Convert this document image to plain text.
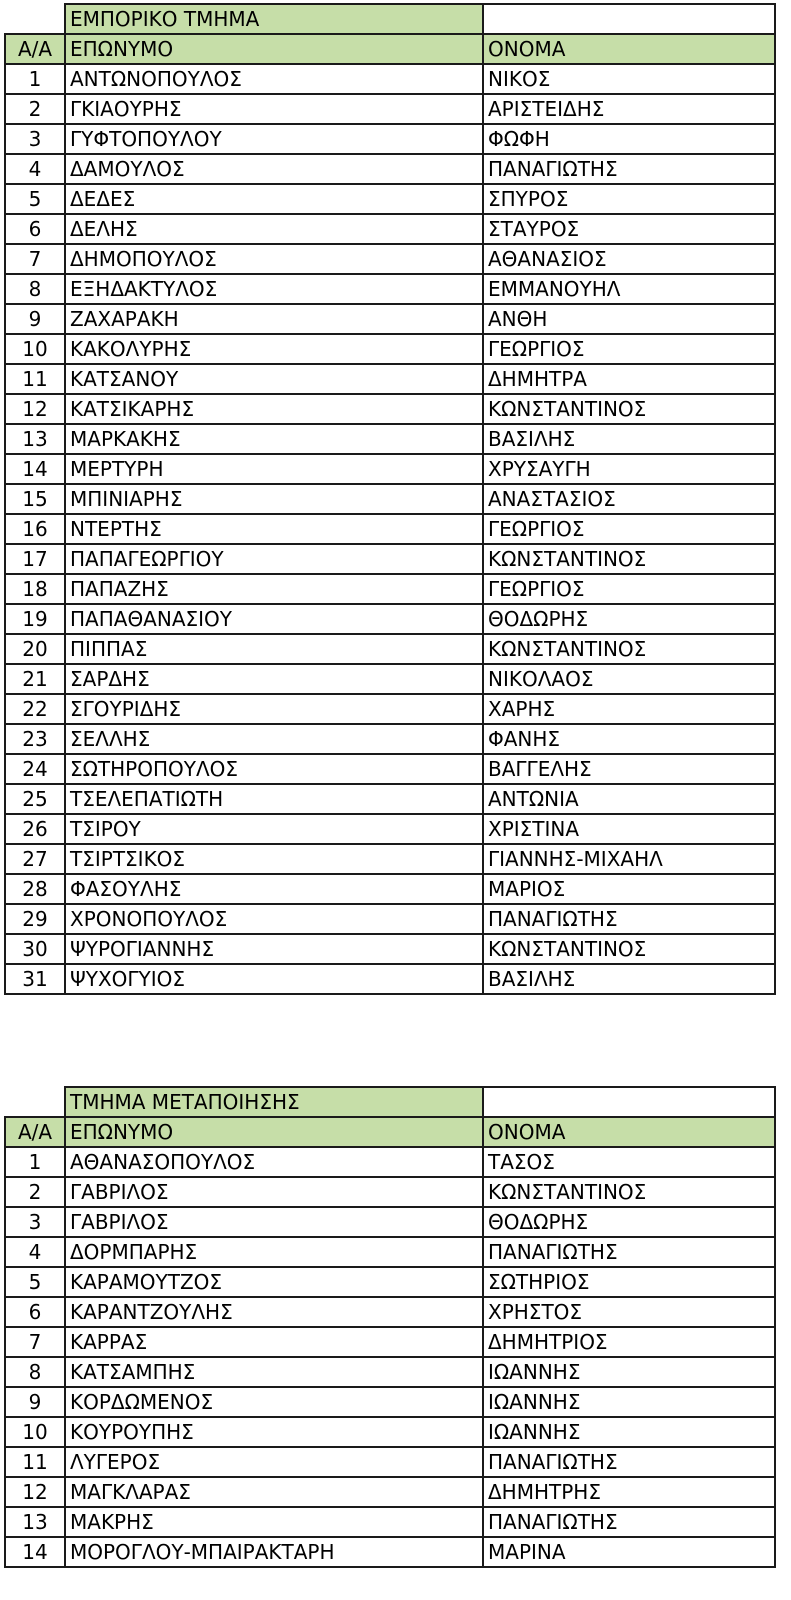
	ΕΜΠΟΡΙΚΟ ΤΜΗΜΑ	
Α/Α	ΕΠΩΝΥΜΟ	ΟΝΟΜΑ
1	ΑΝΤΩΝΟΠΟΥΛΟΣ	ΝΙΚΟΣ
2	ΓΚΙΑΟΥΡΗΣ	ΑΡΙΣΤΕΙΔΗΣ
3	ΓΥΦΤΟΠΟΥΛΟΥ	ΦΩΦΗ
4	ΔΑΜΟΥΛΟΣ	ΠΑΝΑΓΙΩΤΗΣ
5	ΔΕΔΕΣ	ΣΠΥΡΟΣ
6	ΔΕΛΗΣ	ΣΤΑΥΡΟΣ
7	ΔΗΜΟΠΟΥΛΟΣ	ΑΘΑΝΑΣΙΟΣ
8	ΕΞΗΔΑΚΤΥΛΟΣ	ΕΜΜΑΝΟΥΗΛ
9	ΖΑΧΑΡΑΚΗ	ΑΝΘΗ
10	ΚΑΚΟΛΥΡΗΣ	ΓΕΩΡΓΙΟΣ
11	ΚΑΤΣΑΝΟΥ	ΔΗΜΗΤΡΑ
12	ΚΑΤΣΙΚΑΡΗΣ	ΚΩΝΣΤΑΝΤΙΝΟΣ
13	ΜΑΡΚΑΚΗΣ	ΒΑΣΙΛΗΣ
14	ΜΕΡΤΥΡΗ	ΧΡΥΣΑΥΓΗ
15	ΜΠΙΝΙΑΡΗΣ	ΑΝΑΣΤΑΣΙΟΣ
16	ΝΤΕΡΤΗΣ	ΓΕΩΡΓΙΟΣ
17	ΠΑΠΑΓΕΩΡΓΙΟΥ	ΚΩΝΣΤΑΝΤΙΝΟΣ
18	ΠΑΠΑΖΗΣ	ΓΕΩΡΓΙΟΣ
19	ΠΑΠΑΘΑΝΑΣΙΟΥ	ΘΟΔΩΡΗΣ
20	ΠΙΠΠΑΣ	ΚΩΝΣΤΑΝΤΙΝΟΣ
21	ΣΑΡΔΗΣ	ΝΙΚΟΛΑΟΣ
22	ΣΓΟΥΡΙΔΗΣ	ΧΑΡΗΣ
23	ΣΕΛΛΗΣ	ΦΑΝΗΣ
24	ΣΩΤΗΡΟΠΟΥΛΟΣ	ΒΑΓΓΕΛΗΣ
25	ΤΣΕΛΕΠΑΤΙΩΤΗ	ΑΝΤΩΝΙΑ
26	ΤΣΙΡΟΥ	ΧΡΙΣΤΙΝΑ
27	ΤΣΙΡΤΣΙΚΟΣ	ΓΙΑΝΝΗΣ-ΜΙΧΑΗΛ
28	ΦΑΣΟΥΛΗΣ	ΜΑΡΙΟΣ
29	ΧΡΟΝΟΠΟΥΛΟΣ	ΠΑΝΑΓΙΩΤΗΣ
30	ΨΥΡΟΓΙΑΝΝΗΣ	ΚΩΝΣΤΑΝΤΙΝΟΣ
31	ΨΥΧΟΓΥΙΟΣ	ΒΑΣΙΛΗΣ
	ΤΜΗΜΑ ΜΕΤΑΠΟΙΗΣΗΣ	
Α/Α	ΕΠΩΝΥΜΟ	ΟΝΟΜΑ
1	ΑΘΑΝΑΣΟΠΟΥΛΟΣ	ΤΑΣΟΣ
2	ΓΑΒΡΙΛΟΣ	ΚΩΝΣΤΑΝΤΙΝΟΣ
3	ΓΑΒΡΙΛΟΣ	ΘΟΔΩΡΗΣ
4	ΔΟΡΜΠΑΡΗΣ	ΠΑΝΑΓΙΩΤΗΣ
5	ΚΑΡΑΜΟΥΤΖΟΣ	ΣΩΤΗΡΙΟΣ
6	ΚΑΡΑΝΤΖΟΥΛΗΣ	ΧΡΗΣΤΟΣ
7	ΚΑΡΡΑΣ	ΔΗΜΗΤΡΙΟΣ
8	ΚΑΤΣΑΜΠΗΣ	ΙΩΑΝΝΗΣ
9	ΚΟΡΔΩΜΕΝΟΣ	ΙΩΑΝΝΗΣ
10	ΚΟΥΡΟΥΠΗΣ	ΙΩΑΝΝΗΣ
11	ΛΥΓΕΡΟΣ	ΠΑΝΑΓΙΩΤΗΣ
12	ΜΑΓΚΛΑΡΑΣ	ΔΗΜΗΤΡΗΣ
13	ΜΑΚΡΗΣ	ΠΑΝΑΓΙΩΤΗΣ
14	ΜΟΡΟΓΛΟΥ-ΜΠΑΙΡΑΚΤΑΡΗ	ΜΑΡΙΝΑ
